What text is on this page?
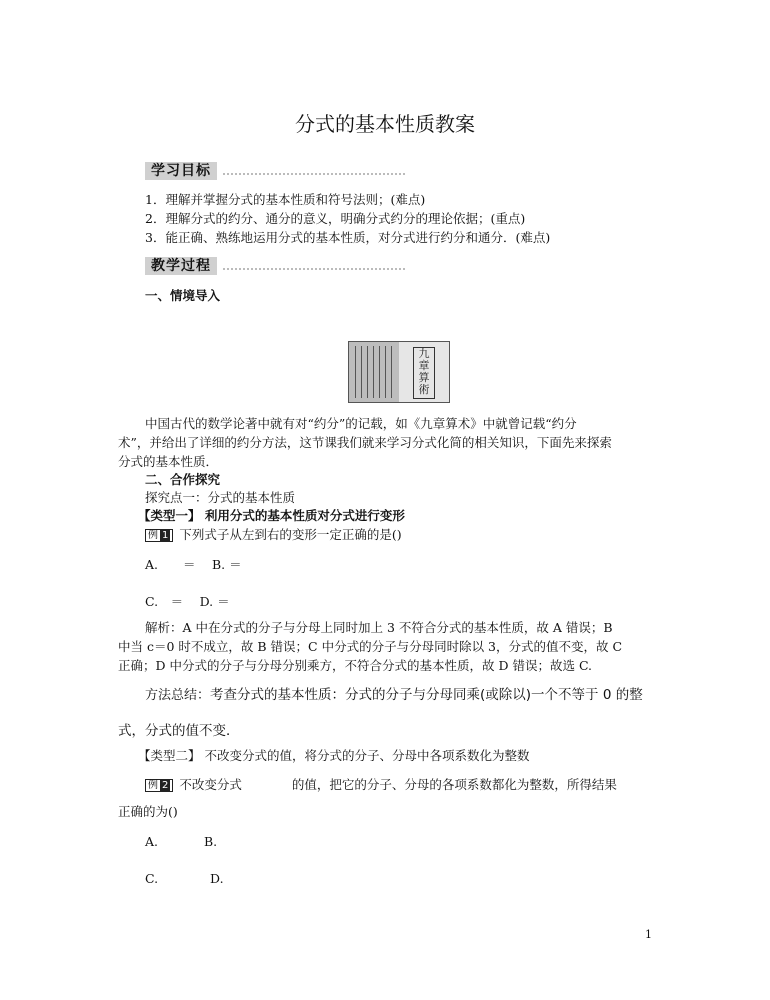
分式的基本性质教案
学习目标
1．理解并掌握分式的基本性质和符号法则；(难点)
2．理解分式的约分、通分的意义，明确分式约分的理论依据；(重点)
3．能正确、熟练地运用分式的基本性质，对分式进行约分和通分．(难点)
教学过程
一、情境导入
九章算術
中国古代的数学论著中就有对“约分”的记载，如《九章算术》中就曾记载“约分
术”，并给出了详细的约分方法，这节课我们就来学习分式化简的相关知识，下面先来探索
分式的基本性质．
二、合作探究
探究点一：分式的基本性质
【类型一】 利用分式的基本性质对分式进行变形
例 1 下列式子从左到右的变形一定正确的是()
A.　　＝　 B. ＝
C.　＝　 D. ＝
解析：A 中在分式的分子与分母上同时加上 3 不符合分式的基本性质，故 A 错误；B
中当 c＝0 时不成立，故 B 错误；C 中分式的分子与分母同时除以 3，分式的值不变，故 C
正确；D 中分式的分子与分母分别乘方，不符合分式的基本性质，故 D 错误；故选 C.
方法总结：考查分式的基本性质：分式的分子与分母同乘(或除以)一个不等于 0 的整
式，分式的值不变．
【类型二】 不改变分式的值，将分式的分子、分母中各项系数化为整数
例 2 不改变分式	的值，把它的分子、分母的各项系数都化为整数，所得结果
正确的为()
A.	B.
C.	D.
1
